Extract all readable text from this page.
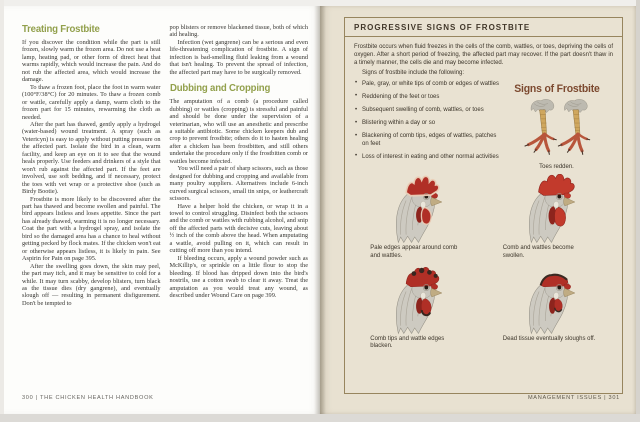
Treating Frostbite

If you discover the condition while the part is still frozen, slowly warm the frozen area. Do not use a heat lamp, heating pad, or other form of direct heat that warms rapidly, which would increase the pain. And do not rub the affected area, which would increase the damage.

To thaw a frozen foot, place the foot in warm water (100°F/38°C) for 20 minutes. To thaw a frozen comb or wattle, carefully apply a damp, warm cloth to the frozen part for 15 minutes, rewarming the cloth as needed.

After the part has thawed, gently apply a hydrogel (water-based) wound treatment. A spray (such as Vetericyn) is easy to apply without putting pressure on the affected part. Isolate the bird in a clean, warm facility, and keep an eye on it to see that the wound heals properly. Use feeders and drinkers of a style that won't rub against the affected part. If the feet are involved, use soft bedding, and if necessary, protect the toes with vet wrap or a protective shoe (such as Birdy Bootie).

Frostbite is more likely to be discovered after the part has thawed and become swollen and painful. The bird appears listless and loses appetite. Since the part has already thawed, warming it is no longer necessary. Coat the part with a hydrogel spray, and isolate the bird so the damaged area has a chance to heal without getting pecked by flock mates. If the chicken won't eat or otherwise appears listless, it is likely in pain. See Aspirin for Pain on page 395.

After the swelling goes down, the skin may peel, the part may itch, and it may be sensitive to cold for a while. It may turn scabby, develop blisters, turn black as the tissue dies (dry gangrene), and eventually slough off — resulting in permanent disfigurement. Don't be tempted to

pop blisters or remove blackened tissue, both of which aid healing.

Infection (wet gangrene) can be a serious and even life-threatening complication of frostbite. A sign of infection is bad-smelling fluid leaking from a wound that isn't healing. To prevent the spread of infection, the affected part may have to be surgically removed.

Dubbing and Cropping

The amputation of a comb (a procedure called dubbing) or wattles (cropping) is stressful and painful and should be done under the supervision of a veterinarian, who will use an anesthetic and prescribe a suitable antibiotic. Some chicken keepers dub and crop to prevent frostbite; others do it to hasten healing after a chicken has been frostbitten, and still others undertake the procedure only if the frostbitten comb or wattles become infected.

You will need a pair of sharp scissors, such as those designed for dubbing and cropping and available from many poultry suppliers. Alternatives include 6-inch curved surgical scissors, small tin snips, or leathercraft scissors.

Have a helper hold the chicken, or wrap it in a towel to control struggling. Disinfect both the scissors and the comb or wattles with rubbing alcohol, and snip off the affected parts with decisive cuts, leaving about ½ inch of the comb above the head. When amputating a wattle, avoid pulling on it, which can result in cutting off more than you intend.

If bleeding occurs, apply a wound powder such as McKillip's, or sprinkle on a little flour to stop the bleeding. If blood has dripped down into the bird's nostrils, use a cotton swab to clear it away. Treat the amputation as you would treat any wound, as described under Wound Care on page 399.

300 | THE CHICKEN HEALTH HANDBOOK
PROGRESSIVE SIGNS OF FROSTBITE

Frostbite occurs when fluid freezes in the cells of the comb, wattles, or toes, depriving the cells of oxygen. After a short period of freezing, the affected part may recover. If the part doesn't thaw in a timely manner, the cells die and may become infected.

Signs of frostbite include the following:

• Pale, gray, or white tips of comb or edges of wattles
• Reddening of the feet or toes
• Subsequent swelling of comb, wattles, or toes
• Blistering within a day or so
• Blackening of comb tips, edges of wattles, patches on feet
• Loss of interest in eating and other normal activities
Signs of Frostbite
Toes redden.
Pale edges appear around comb and wattles.
Comb and wattles become swollen.
Comb tips and wattle edges blacken.
Dead tissue eventually sloughs off.
MANAGEMENT ISSUES | 301
